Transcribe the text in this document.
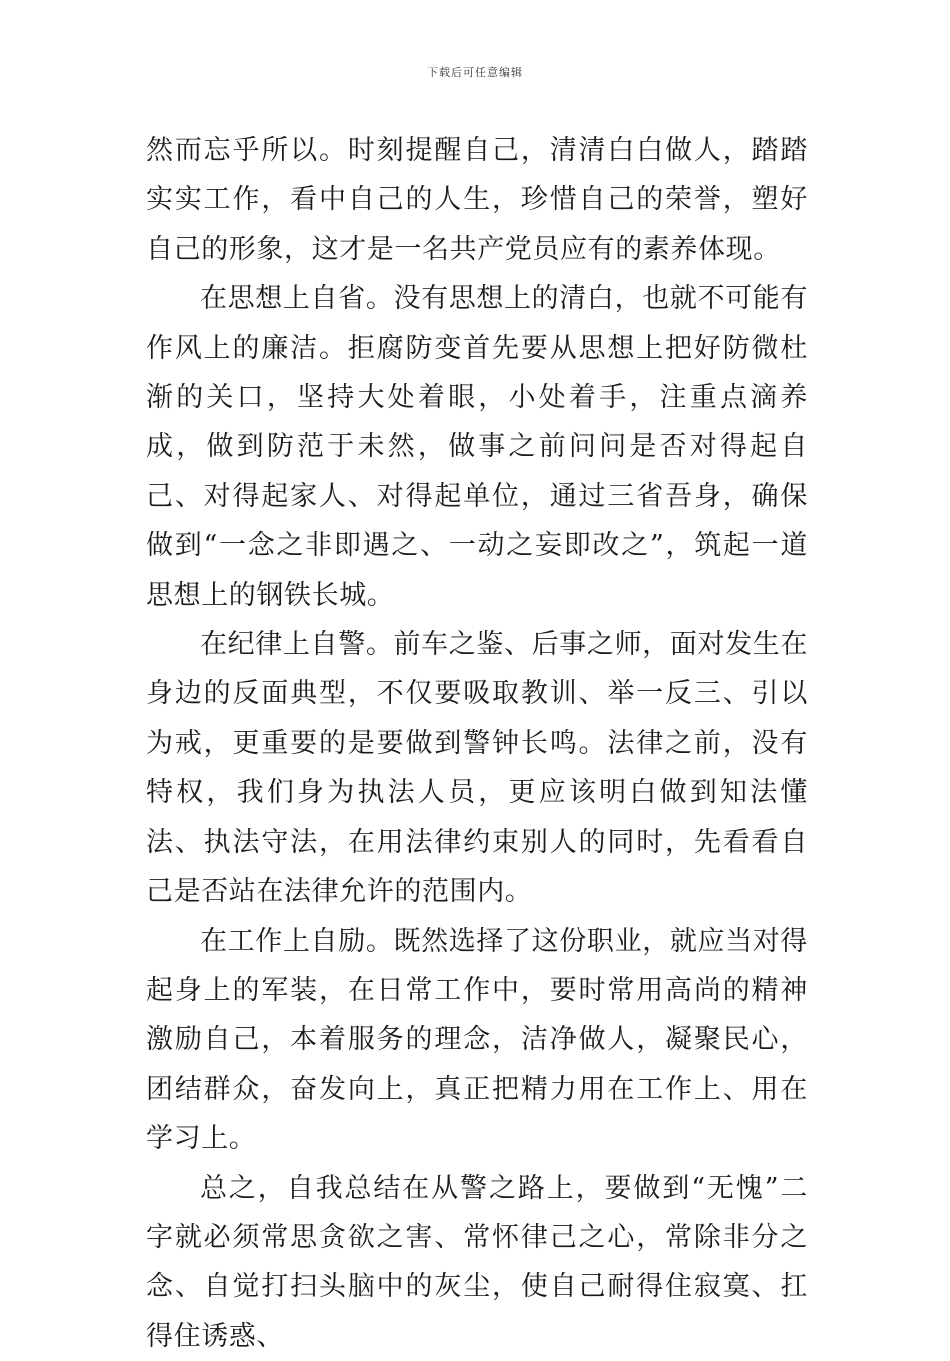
下载后可任意编辑

然而忘乎所以。时刻提醒自己，清清白白做人，踏踏实实工作，看中自己的人生，珍惜自己的荣誉，塑好自己的形象，这才是一名共产党员应有的素养体现。

在思想上自省。没有思想上的清白，也就不可能有作风上的廉洁。拒腐防变首先要从思想上把好防微杜渐的关口，坚持大处着眼，小处着手，注重点滴养成，做到防范于未然，做事之前问问是否对得起自己、对得起家人、对得起单位，通过三省吾身，确保做到“一念之非即遇之、一动之妄即改之”，筑起一道思想上的钢铁长城。

在纪律上自警。前车之鉴、后事之师，面对发生在身边的反面典型，不仅要吸取教训、举一反三、引以为戒，更重要的是要做到警钟长鸣。法律之前，没有特权，我们身为执法人员，更应该明白做到知法懂法、执法守法，在用法律约束别人的同时，先看看自己是否站在法律允许的范围内。

在工作上自励。既然选择了这份职业，就应当对得起身上的军装，在日常工作中，要时常用高尚的精神激励自己，本着服务的理念，洁净做人，凝聚民心，团结群众，奋发向上，真正把精力用在工作上、用在学习上。

总之，自我总结在从警之路上，要做到“无愧”二字就必须常思贪欲之害、常怀律己之心，常除非分之念、自觉打扫头脑中的灰尘，使自己耐得住寂寞、扛得住诱惑、
